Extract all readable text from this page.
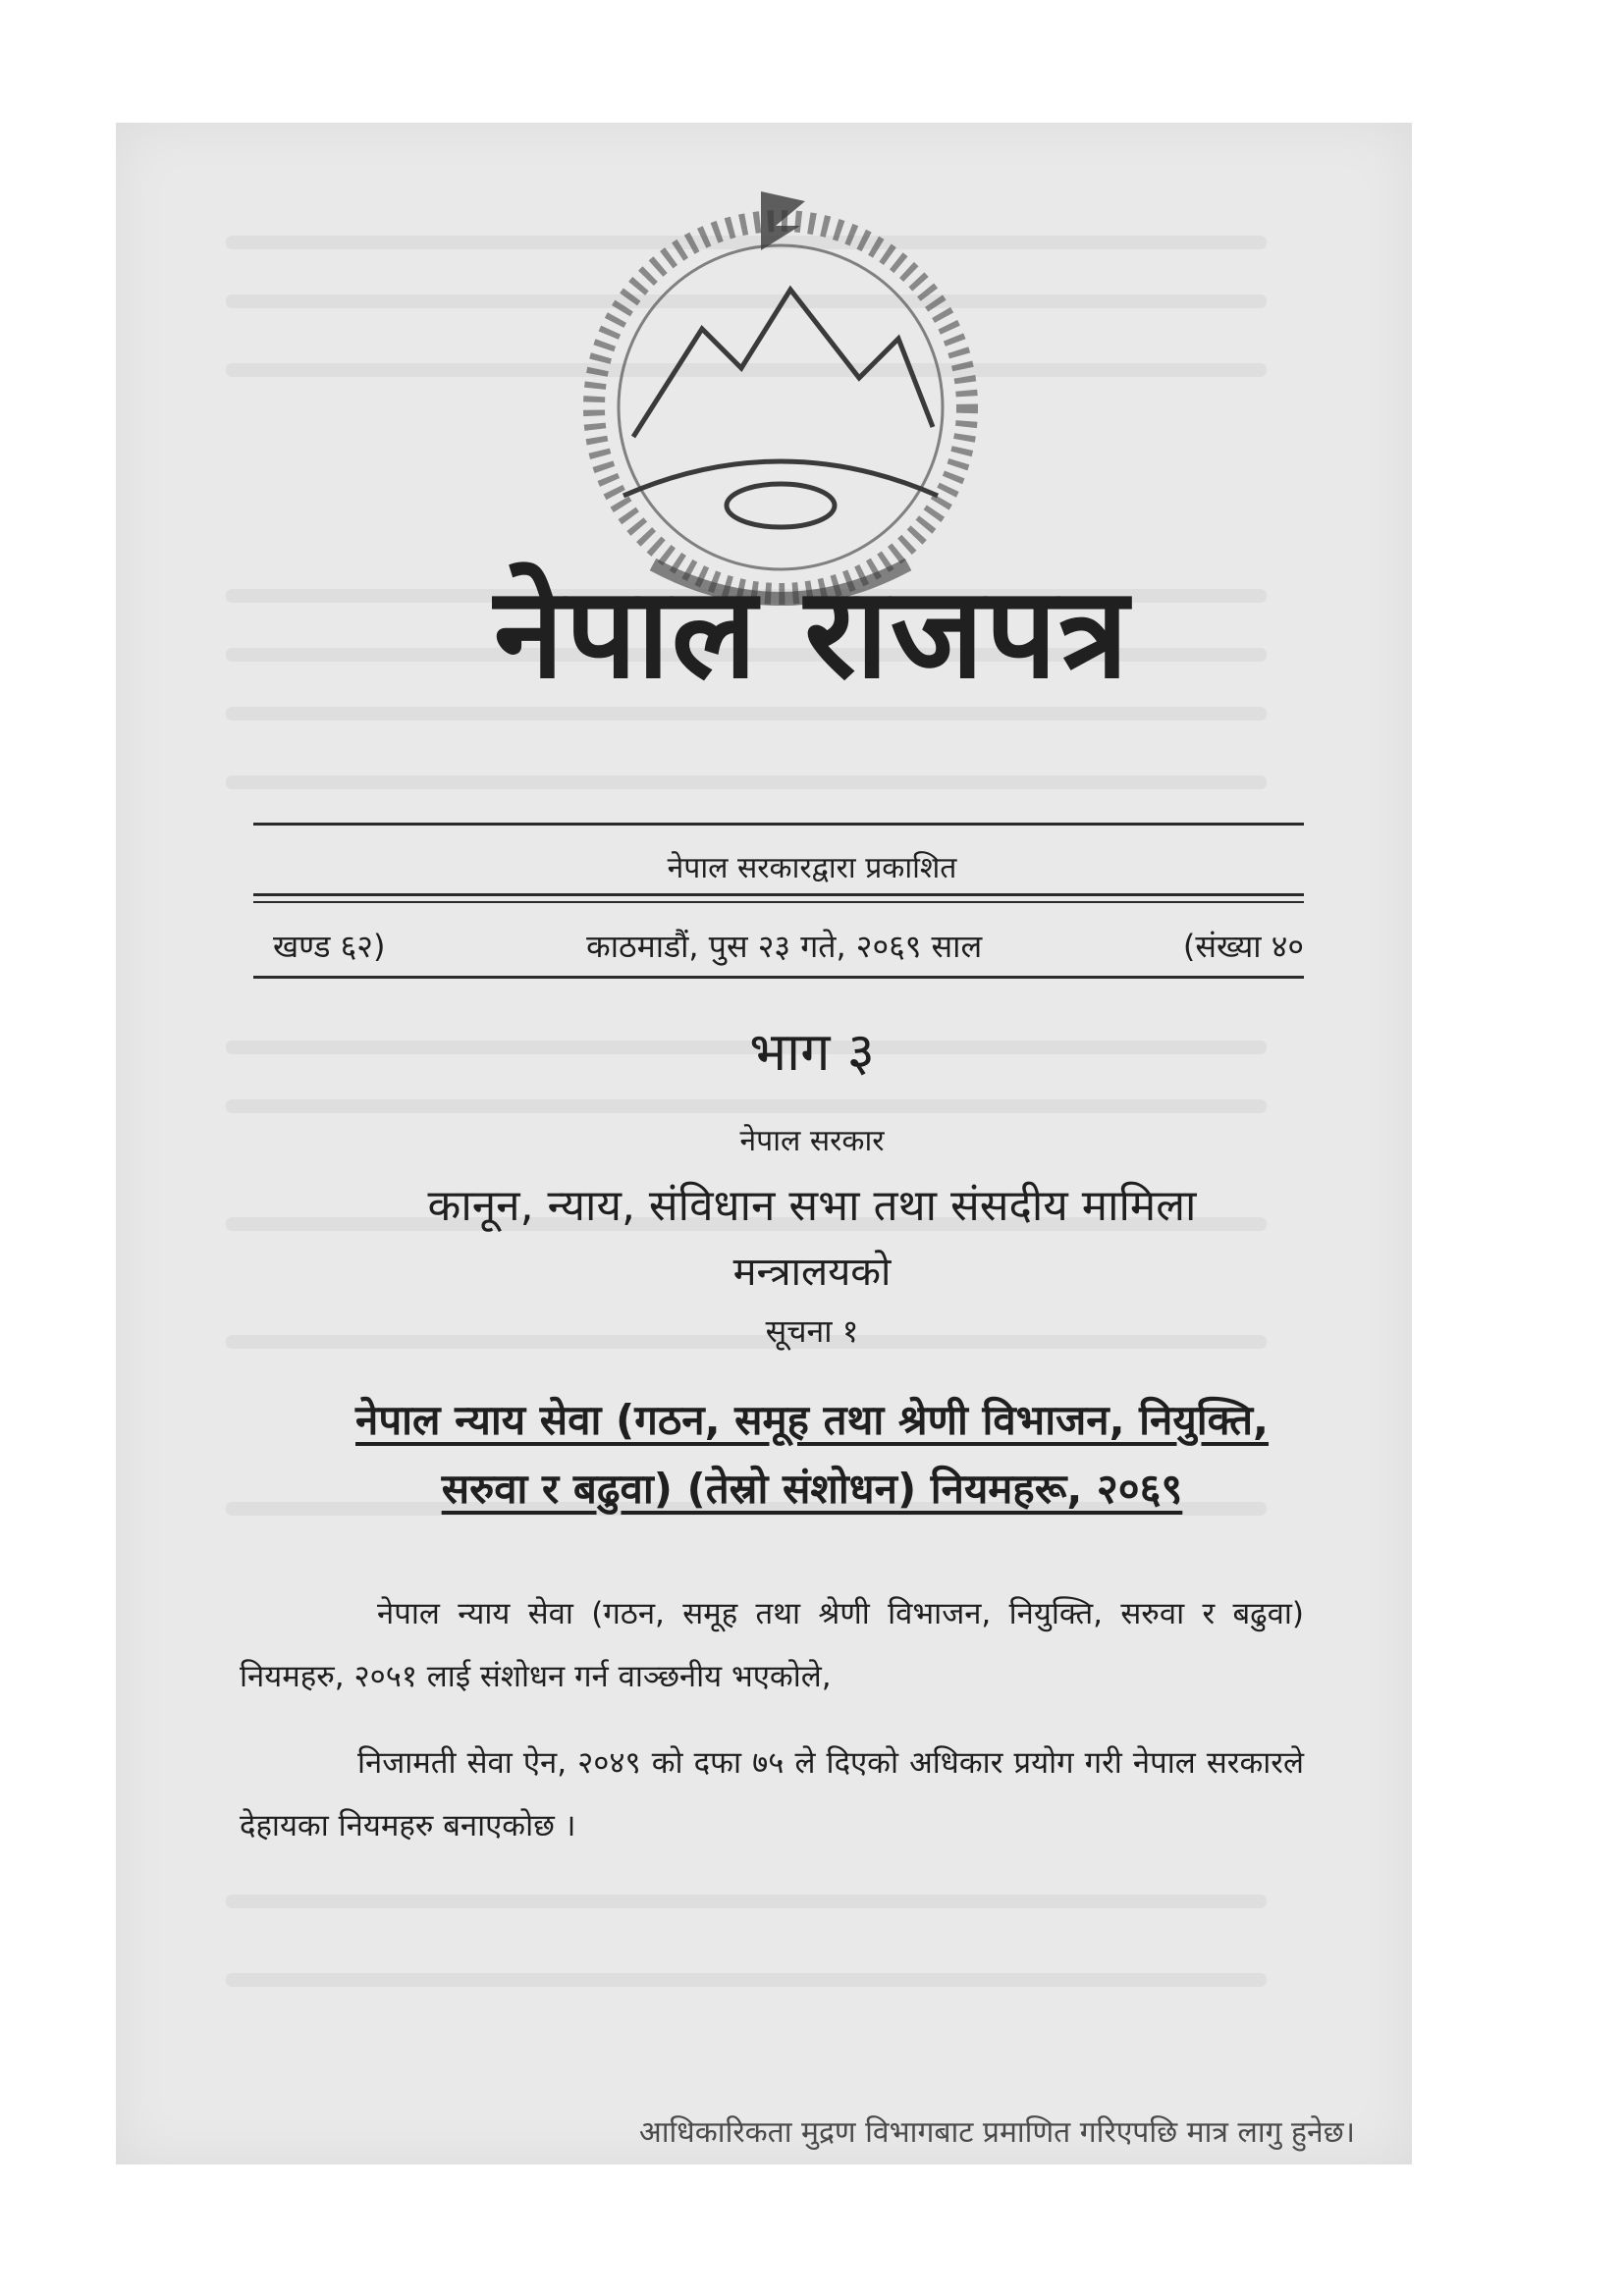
नेपाल राजपत्र
नेपाल सरकारद्वारा प्रकाशित
खण्ड ६२)	काठमाडौं, पुस २३ गते, २०६९ साल	(संख्या ४०
भाग ३
नेपाल सरकार
कानून, न्याय, संविधान सभा तथा संसदीय मामिला
मन्त्रालयको
सूचना १
नेपाल न्याय सेवा (गठन, समूह तथा श्रेणी विभाजन, नियुक्ति,
सरुवा र बढुवा) (तेस्रो संशोधन) नियमहरू, २०६९
नेपाल न्याय सेवा (गठन, समूह तथा श्रेणी विभाजन, नियुक्ति, सरुवा र बढुवा) नियमहरु, २०५१ लाई संशोधन गर्न वाञ्छनीय भएकोले,
निजामती सेवा ऐन, २०४९ को दफा ७५ ले दिएको अधिकार प्रयोग गरी नेपाल सरकारले देहायका नियमहरु बनाएकोछ ।
आधिकारिकता मुद्रण विभागबाट प्रमाणित गरिएपछि मात्र लागु हुनेछ।
